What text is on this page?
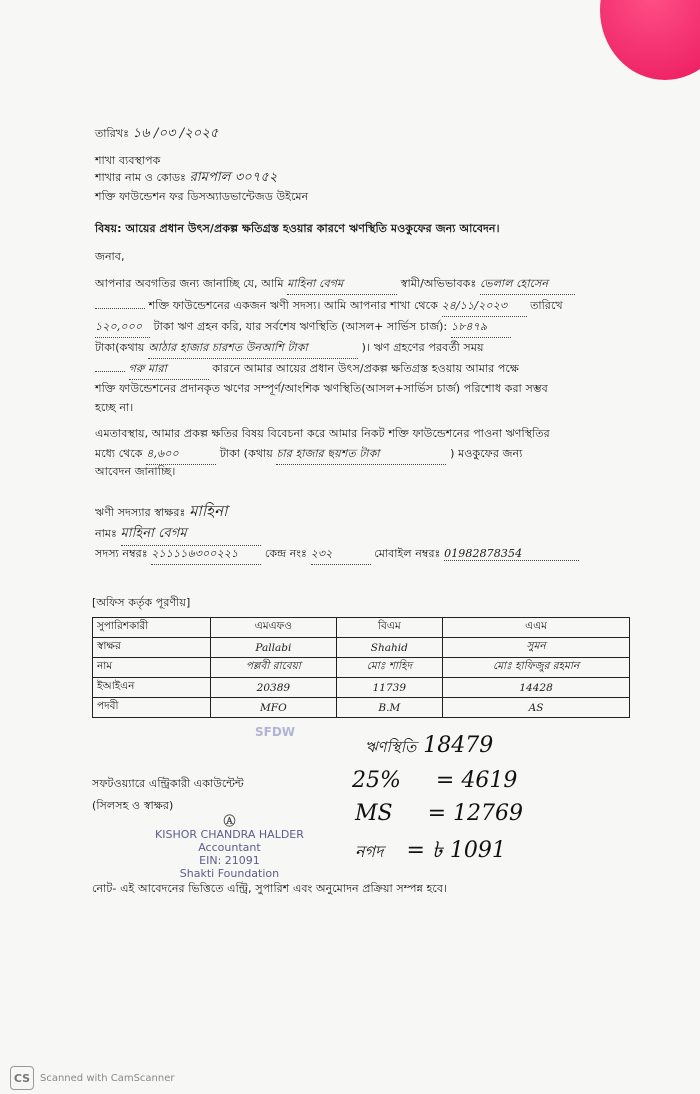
তারিখঃ ১৬ /০৩ /২০২৫
শাখা ব্যবস্থাপক
শাখার নাম ও কোডঃ রামপাল ৩০৭৫২
শক্তি ফাউন্ডেশন ফর ডিসঅ্যাডভান্টেজড উইমেন
বিষয়: আয়ের প্রধান উৎস/প্রকল্প ক্ষতিগ্রস্ত হওয়ার কারণে ঋণস্থিতি মওকুফের জন্য আবেদন।
জনাব,
আপনার অবগতির জন্য জানাচ্ছি যে, আমি মাহিনা বেগম	স্বামী/অভিভাবকঃ ভেলাল হোসেন
শক্তি ফাউন্ডেশনের একজন ঋণী সদস্য। আমি আপনার শাখা থেকে ২৪/১১/২০২৩ তারিখে
১২০,০০০ টাকা ঋণ গ্রহন করি, যার সর্বশেষ ঋণস্থিতি (আসল+ সার্ভিস চার্জ): ১৮৪৭৯
টাকা(কথায় আঠার হাজার চারশত উনআশি টাকা	)। ঋণ গ্রহণের পরবর্তী সময়
গরু মারা	কারনে আমার আয়ের প্রধান উৎস/প্রকল্প ক্ষতিগ্রস্ত হওয়ায় আমার পক্ষে
শক্তি ফাউন্ডেশনের প্রদানকৃত ঋণের সম্পূর্ণ/আংশিক ঋণস্থিতি(আসল+সার্ভিস চার্জ) পরিশোধ করা সম্ভব
হচ্ছে না।
এমতাবস্থায়, আমার প্রকল্প ক্ষতির বিষয় বিবেচনা করে আমার নিকট শক্তি ফাউন্ডেশনের পাওনা ঋণস্থিতির
মধ্যে থেকে ৪,৬০০	টাকা (কথায় চার হাজার ছয়শত টাকা	) মওকুফের জন্য
আবেদন জানাচ্ছি।
ঋণী সদস্যার স্বাক্ষরঃ মাহিনা
নামঃ মাহিনা বেগম
সদস্য নম্বরঃ ২১১১১৬৩০০২২১ কেন্দ্র নংঃ ২৩২	মোবাইল নম্বরঃ 01982878354
[অফিস কর্তৃক পূরণীয়]
সুপারিশকারী	এমএফও	বিএম	এএম
স্বাক্ষর	Pallabi	Shahid	সুমন
নাম	পল্লবী রাবেয়া	মোঃ শাহিদ	মোঃ হাফিজুর রহমান
ইআইএন	20389	11739	14428
পদবী	MFO	B.M	AS
SFDW
ঋণস্থিতি 18479
25% = 4619
MS = 12769
নগদ = ৳ 1091
সফটওয়্যারে এন্ট্রিকারী একাউন্টেন্ট
(সিলসহ ও স্বাক্ষর)
Ⓐ
KISHOR CHANDRA HALDER
Accountant
EIN: 21091
Shakti Foundation
নোট- এই আবেদনের ভিত্তিতে এন্ট্রি, সুপারিশ এবং অনুমোদন প্রক্রিয়া সম্পন্ন হবে।
CS Scanned with CamScanner
